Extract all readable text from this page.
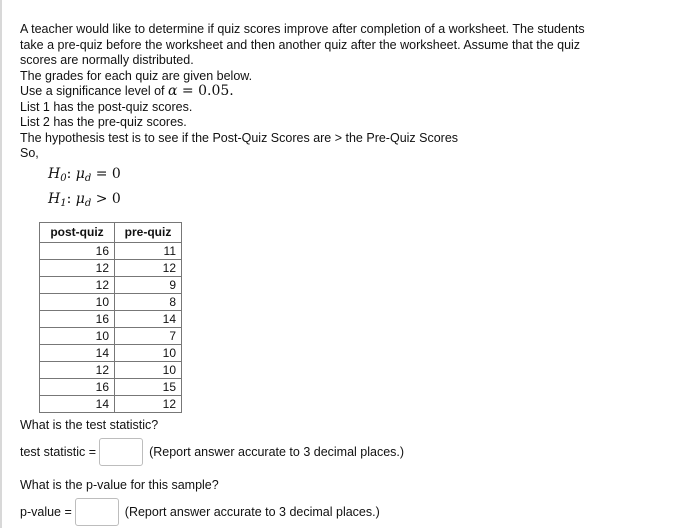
A teacher would like to determine if quiz scores improve after completion of a worksheet. The students

take a pre-quiz before the worksheet and then another quiz after the worksheet. Assume that the quiz

scores are normally distributed.

The grades for each quiz are given below.

Use a significance level of α = 0.05.

List 1 has the post-quiz scores.

List 2 has the pre-quiz scores.

The hypothesis test is to see if the Post-Quiz Scores are > the Pre-Quiz Scores

So,

$H_0$: $\mu_d = 0$
$H_1$: $\mu_d > 0$
post-quiz	pre-quiz
16	11
12	12
12	9
10	8
16	14
10	7
14	10
12	10
16	15
14	12

What is the test statistic?

test statistic =	(Report answer accurate to 3 decimal places.)

What is the p-value for this sample?

p-value =	(Report answer accurate to 3 decimal places.)
